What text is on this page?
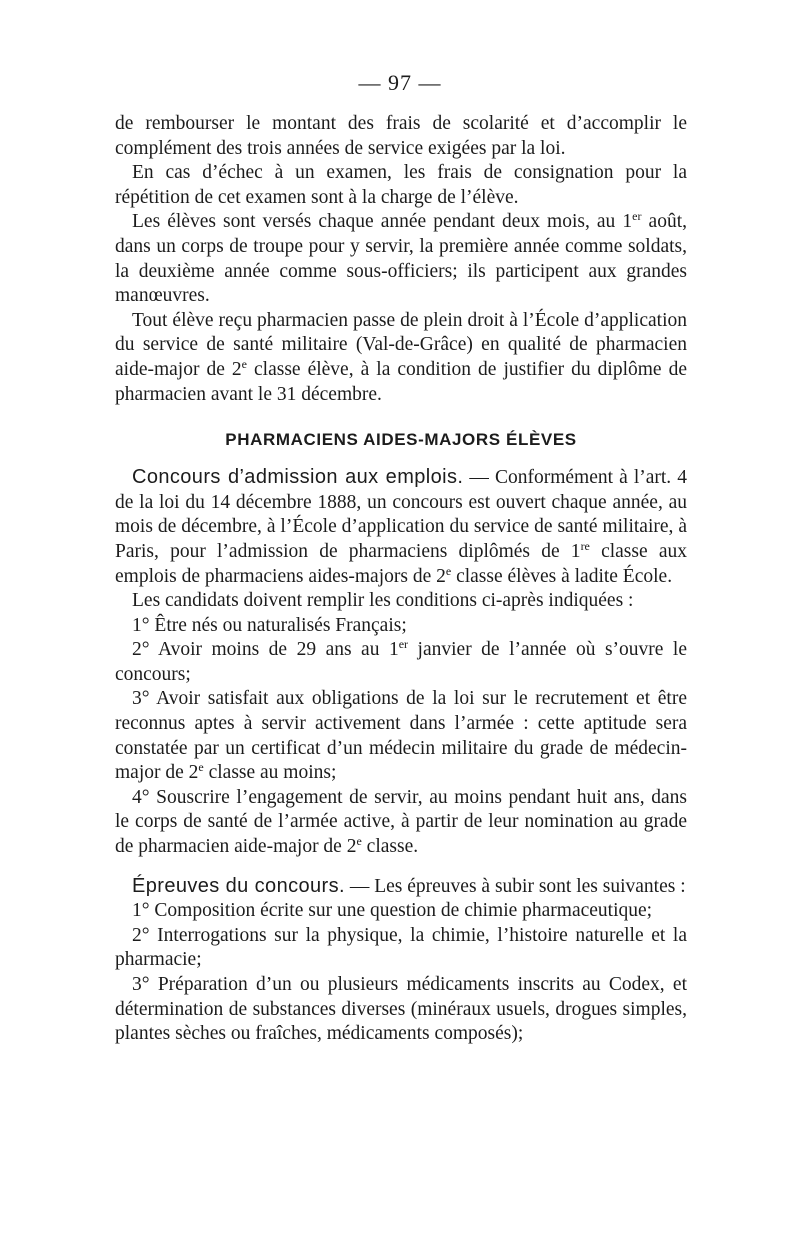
— 97 —

de rembourser le montant des frais de scolarité et d’accomplir le complément des trois années de service exigées par la loi.

En cas d’échec à un examen, les frais de consignation pour la répétition de cet examen sont à la charge de l’élève.

Les élèves sont versés chaque année pendant deux mois, au 1er août, dans un corps de troupe pour y servir, la première année comme soldats, la deuxième année comme sous-officiers; ils participent aux grandes manœuvres.

Tout élève reçu pharmacien passe de plein droit à l’École d’application du service de santé militaire (Val-de-Grâce) en qualité de pharmacien aide-major de 2e classe élève, à la condition de justifier du diplôme de pharmacien avant le 31 décembre.

PHARMACIENS AIDES-MAJORS ÉLÈVES

Concours d’admission aux emplois. — Conformément à l’art. 4 de la loi du 14 décembre 1888, un concours est ouvert chaque année, au mois de décembre, à l’École d’application du service de santé militaire, à Paris, pour l’admission de pharmaciens diplômés de 1re classe aux emplois de pharmaciens aides-majors de 2e classe élèves à ladite École.

Les candidats doivent remplir les conditions ci-après indiquées :

1° Être nés ou naturalisés Français;

2° Avoir moins de 29 ans au 1er janvier de l’année où s’ouvre le concours;

3° Avoir satisfait aux obligations de la loi sur le recrutement et être reconnus aptes à servir activement dans l’armée : cette aptitude sera constatée par un certificat d’un médecin militaire du grade de médecin-major de 2e classe au moins;

4° Souscrire l’engagement de servir, au moins pendant huit ans, dans le corps de santé de l’armée active, à partir de leur nomination au grade de pharmacien aide-major de 2e classe.

Épreuves du concours. — Les épreuves à subir sont les suivantes :

1° Composition écrite sur une question de chimie pharmaceutique;

2° Interrogations sur la physique, la chimie, l’histoire naturelle et la pharmacie;

3° Préparation d’un ou plusieurs médicaments inscrits au Codex, et détermination de substances diverses (minéraux usuels, drogues simples, plantes sèches ou fraîches, médicaments composés);
